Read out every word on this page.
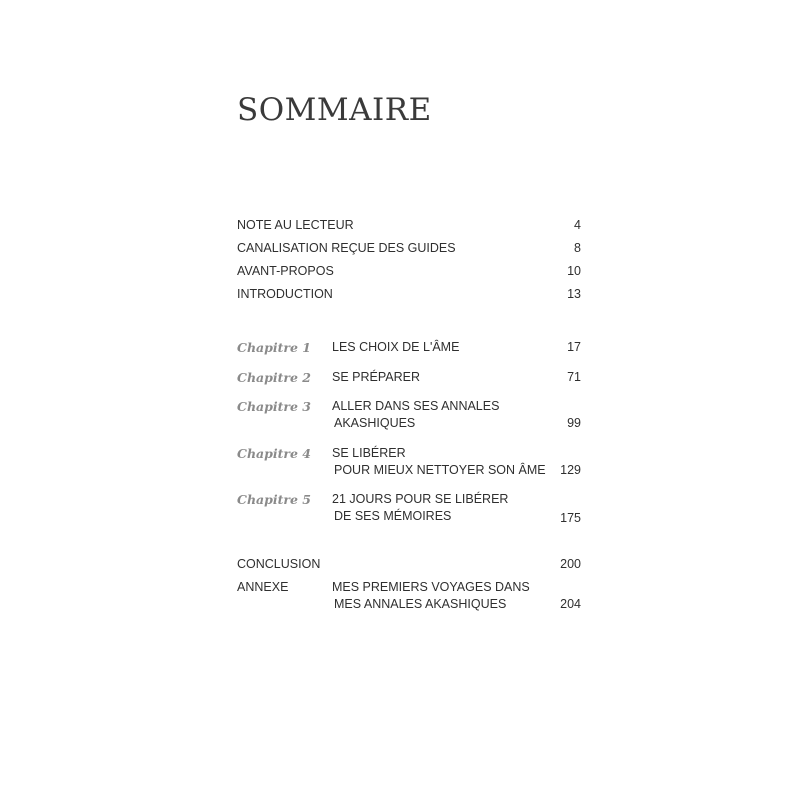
SOMMAIRE
NOTE AU LECTEUR	4
CANALISATION REÇUE DES GUIDES	8
AVANT-PROPOS	10
INTRODUCTION	13
Chapitre 1 LES CHOIX DE L'ÂME	17
Chapitre 2 SE PRÉPARER	71
Chapitre 3 ALLER DANS SES ANNALES
AKASHIQUES	99
Chapitre 4 SE LIBÉRER
POUR MIEUX NETTOYER SON ÂME 129
Chapitre 5 21 JOURS POUR SE LIBÉRER
DE SES MÉMOIRES	175
CONCLUSION	200
ANNEXE	MES PREMIERS VOYAGES DANS
MES ANNALES AKASHIQUES	204
